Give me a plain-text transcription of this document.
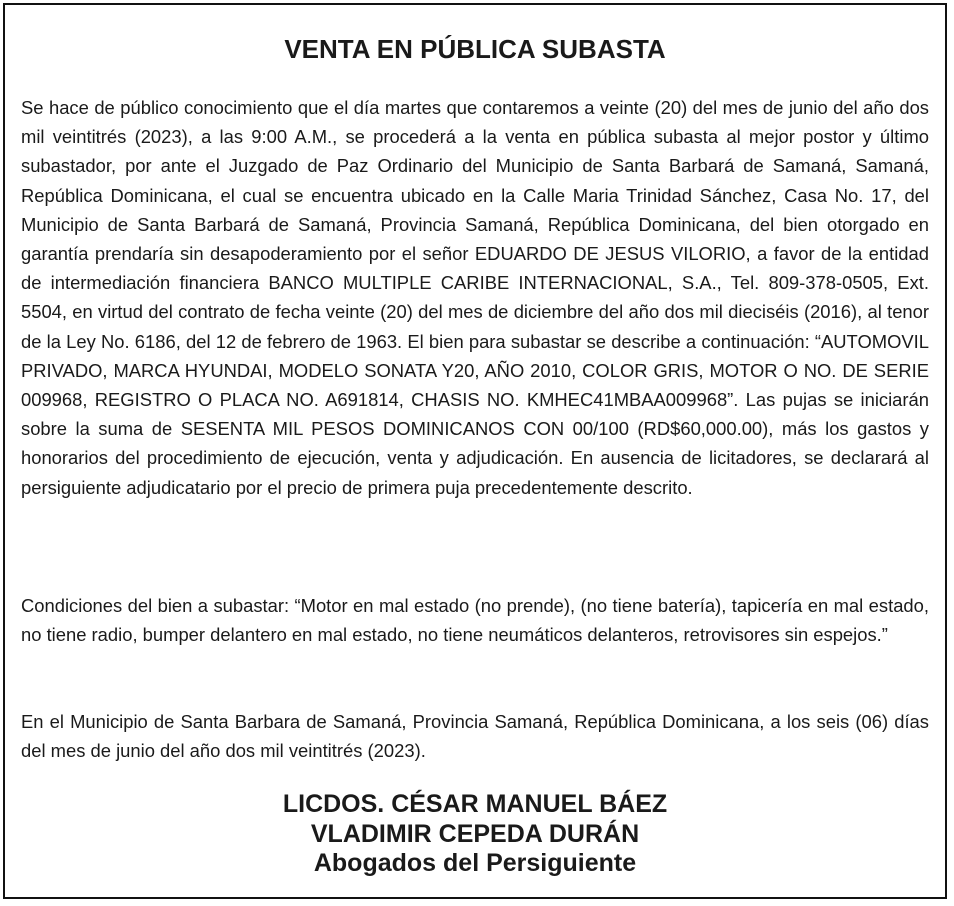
VENTA EN PÚBLICA SUBASTA

Se hace de público conocimiento que el día martes que contaremos a veinte (20) del mes de junio del año dos mil veintitrés (2023), a las 9:00 A.M., se procederá a la venta en pública subasta al mejor postor y último subastador, por ante el Juzgado de Paz Ordinario del Municipio de Santa Barbará de Samaná, Samaná, República Dominicana, el cual se encuentra ubicado en la Calle Maria Trinidad Sánchez, Casa No. 17, del Municipio de Santa Barbará de Samaná, Provincia Samaná, República Dominicana, del bien otorgado en garantía prendaría sin desapoderamiento por el señor EDUARDO DE JESUS VILORIO, a favor de la entidad de intermediación financiera BANCO MULTIPLE CARIBE INTERNACIONAL, S.A., Tel. 809-378-0505, Ext. 5504, en virtud del contrato de fecha veinte (20) del mes de diciembre del año dos mil dieciséis (2016), al tenor de la Ley No. 6186, del 12 de febrero de 1963. El bien para subastar se describe a continuación: “AUTOMOVIL PRIVADO, MARCA HYUNDAI, MODELO SONATA Y20, AÑO 2010, COLOR GRIS, MOTOR O NO. DE SERIE 009968, REGISTRO O PLACA NO. A691814, CHASIS NO. KMHEC41MBAA009968”. Las pujas se iniciarán sobre la suma de SESENTA MIL PESOS DOMINICANOS CON 00/100 (RD$60,000.00), más los gastos y honorarios del procedimiento de ejecución, venta y adjudicación. En ausencia de licitadores, se declarará al persiguiente adjudicatario por el precio de primera puja precedentemente descrito.

Condiciones del bien a subastar: “Motor en mal estado (no prende), (no tiene batería), tapicería en mal estado, no tiene radio, bumper delantero en mal estado, no tiene neumáticos delanteros, retrovisores sin espejos.”

En el Municipio de Santa Barbara de Samaná, Provincia Samaná, República Dominicana, a los seis (06) días del mes de junio del año dos mil veintitrés (2023).

LICDOS. CÉSAR MANUEL BÁEZ
VLADIMIR CEPEDA DURÁN
Abogados del Persiguiente
